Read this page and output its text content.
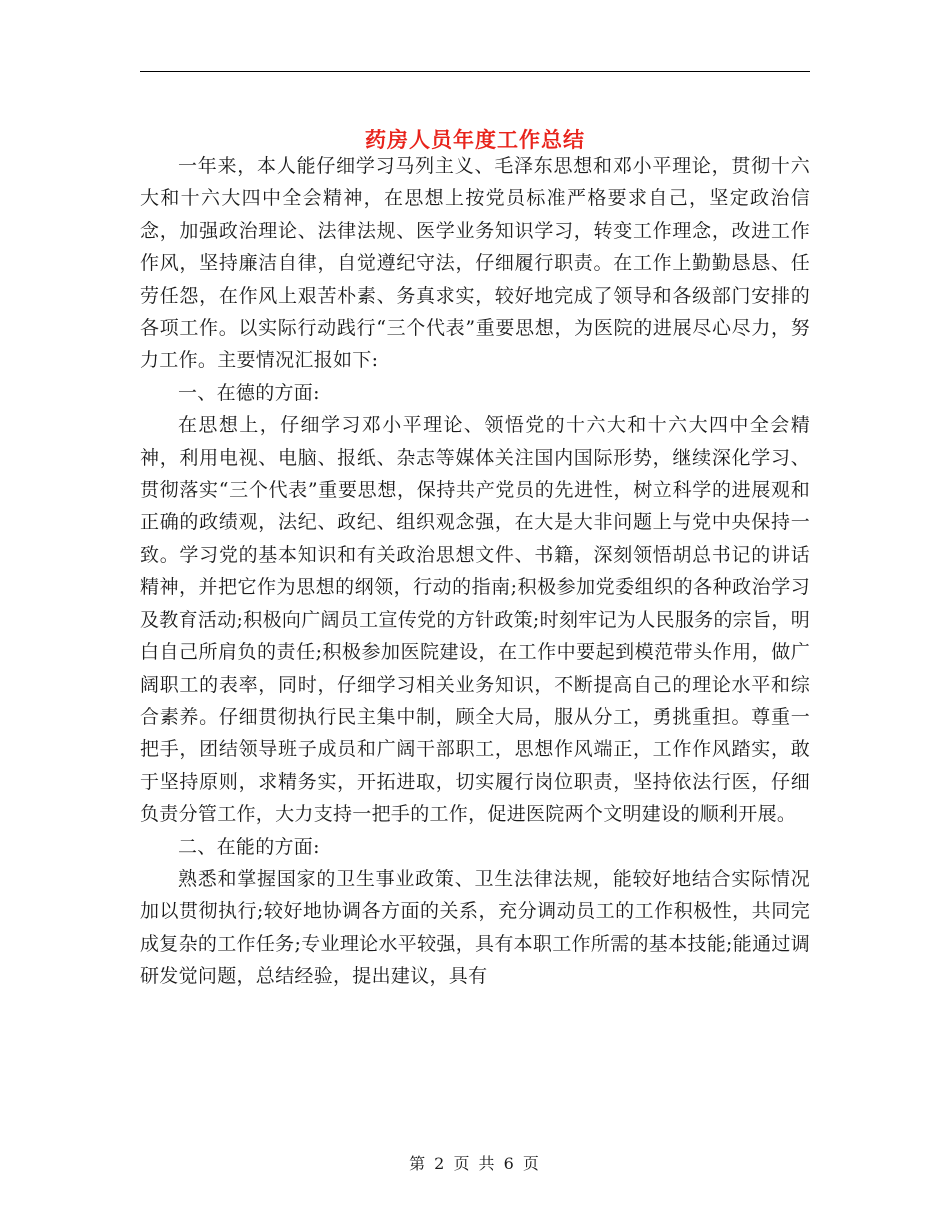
药房人员年度工作总结

一年来，本人能仔细学习马列主义、毛泽东思想和邓小平理论，贯彻十六大和十六大四中全会精神，在思想上按党员标准严格要求自己，坚定政治信念，加强政治理论、法律法规、医学业务知识学习，转变工作理念，改进工作作风，坚持廉洁自律，自觉遵纪守法，仔细履行职责。在工作上勤勤恳恳、任劳任怨，在作风上艰苦朴素、务真求实，较好地完成了领导和各级部门安排的各项工作。以实际行动践行“三个代表”重要思想，为医院的进展尽心尽力，努力工作。主要情况汇报如下:

一、在德的方面:

在思想上，仔细学习邓小平理论、领悟党的十六大和十六大四中全会精神，利用电视、电脑、报纸、杂志等媒体关注国内国际形势，继续深化学习、贯彻落实“三个代表”重要思想，保持共产党员的先进性，树立科学的进展观和正确的政绩观，法纪、政纪、组织观念强，在大是大非问题上与党中央保持一致。学习党的基本知识和有关政治思想文件、书籍，深刻领悟胡总书记的讲话精神，并把它作为思想的纲领，行动的指南;积极参加党委组织的各种政治学习及教育活动;积极向广阔员工宣传党的方针政策;时刻牢记为人民服务的宗旨，明白自己所肩负的责任;积极参加医院建设，在工作中要起到模范带头作用，做广阔职工的表率，同时，仔细学习相关业务知识，不断提高自己的理论水平和综合素养。仔细贯彻执行民主集中制，顾全大局，服从分工，勇挑重担。尊重一把手，团结领导班子成员和广阔干部职工，思想作风端正，工作作风踏实，敢于坚持原则，求精务实，开拓进取，切实履行岗位职责，坚持依法行医，仔细负责分管工作，大力支持一把手的工作，促进医院两个文明建设的顺利开展。

二、在能的方面:

熟悉和掌握国家的卫生事业政策、卫生法律法规，能较好地结合实际情况加以贯彻执行;较好地协调各方面的关系，充分调动员工的工作积极性，共同完成复杂的工作任务;专业理论水平较强，具有本职工作所需的基本技能;能通过调研发觉问题，总结经验，提出建议，具有

第 2 页 共 6 页
